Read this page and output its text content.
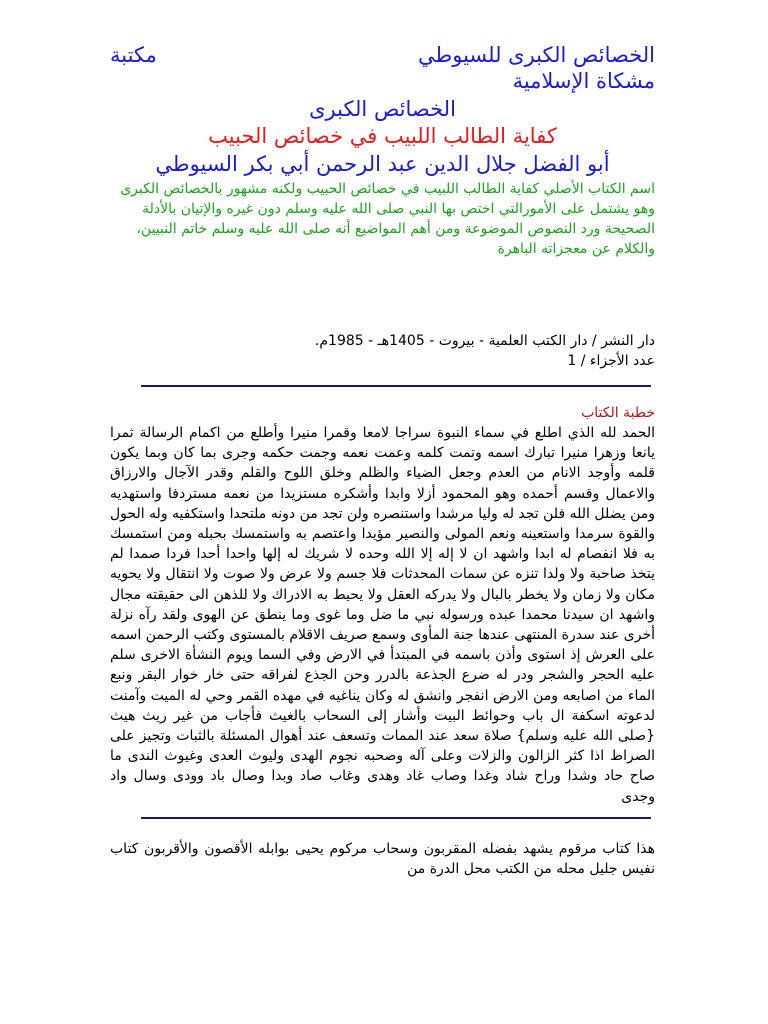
الخصائص الكبرى للسيوطي
مكتبة
مشكاة الإسلامية
الخصائص الكبرى
كفاية الطالب اللبيب في خصائص الحبيب
أبو الفضل جلال الدين عبد الرحمن أبي بكر السيوطي
اسم الكتاب الأصلي كفاية الطالب اللبيب في خصائص الحبيب ولكنه مشهور بالخصائص الكبرى وهو يشتمل على الأمورالتي اختص بها النبي صلى الله عليه وسلم دون غيره والإتيان بالأدلة الصحيحة ورد النصوص الموضوعة ومن أهم المواضيع أنه صلى الله عليه وسلم خاتم النبيين، والكلام عن معجزاته الباهرة
دار النشر / دار الكتب العلمية - بيروت - 1405هـ - 1985م.
عدد الأجزاء / 1
خطبة الكتاب
الحمد لله الذي اطلع في سماء النبوة سراجا لامعا وقمرا منيرا وأطلع من اكمام الرسالة ثمرا يانعا وزهرا منيرا تبارك اسمه وتمت كلمه وعمت نعمه وجمت حكمه وجرى بما كان وبما يكون قلمه وأوجد الانام من العدم وجعل الضياء والظلم وخلق اللوح والقلم وقدر الآجال والارزاق والاعمال وقسم أحمده وهو المحمود أزلا وابدا وأشكره مستزيدا من نعمه مستردفا واستهديه ومن يضلل الله فلن تجد له وليا مرشدا واستنصره ولن تجد من دونه ملتحدا واستكفيه وله الحول والقوة سرمدا واستعينه ونعم المولى والنصير مؤيدا واعتصم به واستمسك بحبله ومن استمسك به فلا انفصام له ابدا واشهد ان لا إله إلا الله وحده لا شريك له إلها واحدا أحدا فردا صمدا لم يتخذ صاحبة ولا ولدا تنزه عن سمات المحدثات فلا جسم ولا عرض ولا صوت ولا انتقال ولا يحويه مكان ولا زمان ولا يخطر بالبال ولا يدركه العقل ولا يحيط به الادراك ولا للذهن الى حقيقته مجال واشهد ان سيدنا محمدا عبده ورسوله نبي ما ضل وما غوى وما ينطق عن الهوى ولقد رآه نزلة أخرى عند سدرة المنتهى عندها جنة المأوى وسمع صريف الاقلام بالمستوى وكتب الرحمن اسمه على العرش إذ استوى وأذن باسمه في المبتدأ في الارض وفي السما ويوم النشأة الاخرى سلم عليه الحجر والشجر ودر له ضرع الجذعة بالدرر وحن الجذع لفراقه حتى خار خوار البقر ونبع الماء من اصابعه ومن الارض انفجر وانشق له وكان يناغيه في مهده القمر وحي له الميت وآمنت لدعوته اسكفة ال باب وحوائط البيت وأشار إلى السحاب بالغيث فأجاب من غير ريث هيث {صلى الله عليه وسلم} صلاة سعد عند الممات وتسعف عند أهوال المسئلة بالثبات وتجيز على الصراط اذا كثر الزالون والزلات وعلى آله وصحبه نجوم الهدى وليوث العدى وغيوث الندى ما صاح حاد وشدا وراح شاد وغدا وصاب غاد وهدى وغاب صاد وبدا وصال باد وودى وسال واد وجدى
هذا كتاب مرقوم يشهد بفضله المقربون وسحاب مركوم يحيى بوابله الأقصون والأقربون كتاب نفيس جليل محله من الكتب محل الدرة من
